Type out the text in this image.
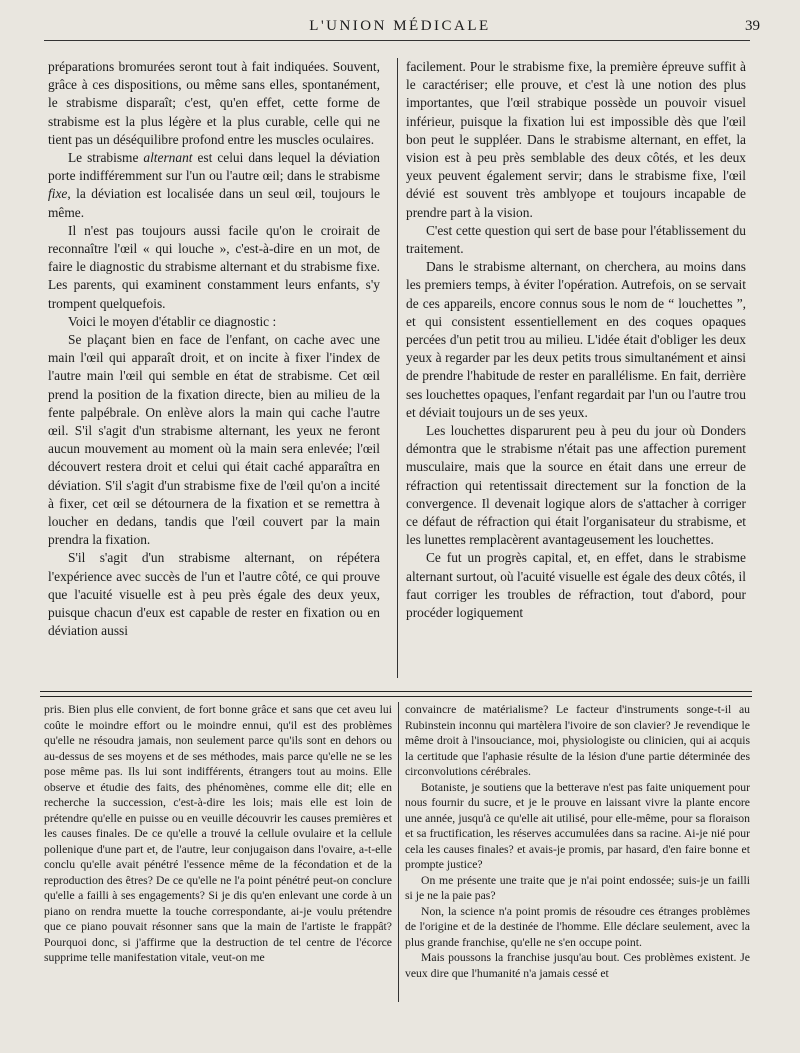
L'UNION MÉDICALE	39

préparations bromurées seront tout à fait indiquées. Souvent, grâce à ces dispositions, ou même sans elles, spontanément, le strabisme disparaît; c'est, qu'en effet, cette forme de strabisme est la plus légère et la plus curable, celle qui ne tient pas un déséquilibre profond entre les muscles oculaires.

Le strabisme alternant est celui dans lequel la déviation porte indifféremment sur l'un ou l'autre œil; dans le strabisme fixe, la déviation est localisée dans un seul œil, toujours le même.

Il n'est pas toujours aussi facile qu'on le croirait de reconnaître l'œil « qui louche », c'est-à-dire en un mot, de faire le diagnostic du strabisme alternant et du strabisme fixe. Les parents, qui examinent constamment leurs enfants, s'y trompent quelquefois.

Voici le moyen d'établir ce diagnostic :

Se plaçant bien en face de l'enfant, on cache avec une main l'œil qui apparaît droit, et on incite à fixer l'index de l'autre main l'œil qui semble en état de strabisme. Cet œil prend la position de la fixation directe, bien au milieu de la fente palpébrale. On enlève alors la main qui cache l'autre œil. S'il s'agit d'un strabisme alternant, les yeux ne feront aucun mouvement au moment où la main sera enlevée; l'œil découvert restera droit et celui qui était caché apparaîtra en déviation. S'il s'agit d'un strabisme fixe de l'œil qu'on a incité à fixer, cet œil se détournera de la fixation et se remettra à loucher en dedans, tandis que l'œil couvert par la main prendra la fixation.

S'il s'agit d'un strabisme alternant, on répétera l'expérience avec succès de l'un et l'autre côté, ce qui prouve que l'acuité visuelle est à peu près égale des deux yeux, puisque chacun d'eux est capable de rester en fixation ou en déviation aussi

facilement. Pour le strabisme fixe, la première épreuve suffit à le caractériser; elle prouve, et c'est là une notion des plus importantes, que l'œil strabique possède un pouvoir visuel inférieur, puisque la fixation lui est impossible dès que l'œil bon peut le suppléer. Dans le strabisme alternant, en effet, la vision est à peu près semblable des deux côtés, et les deux yeux peuvent également servir; dans le strabisme fixe, l'œil dévié est souvent très amblyope et toujours incapable de prendre part à la vision.

C'est cette question qui sert de base pour l'établissement du traitement.

Dans le strabisme alternant, on cherchera, au moins dans les premiers temps, à éviter l'opération. Autrefois, on se servait de ces appareils, encore connus sous le nom de “ louchettes ”, et qui consistent essentiellement en des coques opaques percées d'un petit trou au milieu. L'idée était d'obliger les deux yeux à regarder par les deux petits trous simultanément et ainsi de prendre l'habitude de rester en parallélisme. En fait, derrière ses louchettes opaques, l'enfant regardait par l'un ou l'autre trou et déviait toujours un de ses yeux.

Les louchettes disparurent peu à peu du jour où Donders démontra que le strabisme n'était pas une affection purement musculaire, mais que la source en était dans une erreur de réfraction qui retentissait directement sur la fonction de la convergence. Il devenait logique alors de s'attacher à corriger ce défaut de réfraction qui était l'organisateur du strabisme, et les lunettes remplacèrent avantageusement les louchettes.

Ce fut un progrès capital, et, en effet, dans le strabisme alternant surtout, où l'acuité visuelle est égale des deux côtés, il faut corriger les troubles de réfraction, tout d'abord, pour procéder logiquement

pris. Bien plus elle convient, de fort bonne grâce et sans que cet aveu lui coûte le moindre effort ou le moindre ennui, qu'il est des problèmes qu'elle ne résoudra jamais, non seulement parce qu'ils sont en dehors ou au-dessus de ses moyens et de ses méthodes, mais parce qu'elle ne se les pose même pas. Ils lui sont indifférents, étrangers tout au moins. Elle observe et étudie des faits, des phénomènes, comme elle dit; elle en recherche la succession, c'est-à-dire les lois; mais elle est loin de prétendre qu'elle en puisse ou en veuille découvrir les causes premières et les causes finales. De ce qu'elle a trouvé la cellule ovulaire et la cellule pollenique d'une part et, de l'autre, leur conjugaison dans l'ovaire, a-t-elle conclu qu'elle avait pénétré l'essence même de la fécondation et de la reproduction des êtres? De ce qu'elle ne l'a point pénétré peut-on conclure qu'elle a failli à ses engagements? Si je dis qu'en enlevant une corde à un piano on rendra muette la touche correspondante, ai-je voulu prétendre que ce piano pouvait résonner sans que la main de l'artiste le frappât? Pourquoi donc, si j'affirme que la destruction de tel centre de l'écorce supprime telle manifestation vitale, veut-on me

convaincre de matérialisme? Le facteur d'instruments songe-t-il au Rubinstein inconnu qui martèlera l'ivoire de son clavier? Je revendique le même droit à l'insouciance, moi, physiologiste ou clinicien, qui ai acquis la certitude que l'aphasie résulte de la lésion d'une partie déterminée des circonvolutions cérébrales.

Botaniste, je soutiens que la betterave n'est pas faite uniquement pour nous fournir du sucre, et je le prouve en laissant vivre la plante encore une année, jusqu'à ce qu'elle ait utilisé, pour elle-même, pour sa floraison et sa fructification, les réserves accumulées dans sa racine. Ai-je nié pour cela les causes finales? et avais-je promis, par hasard, d'en faire bonne et prompte justice?

On me présente une traite que je n'ai point endossée; suis-je un failli si je ne la paie pas?

Non, la science n'a point promis de résoudre ces étranges problèmes de l'origine et de la destinée de l'homme. Elle déclare seulement, avec la plus grande franchise, qu'elle ne s'en occupe point.

Mais poussons la franchise jusqu'au bout. Ces problèmes existent. Je veux dire que l'humanité n'a jamais cessé et
